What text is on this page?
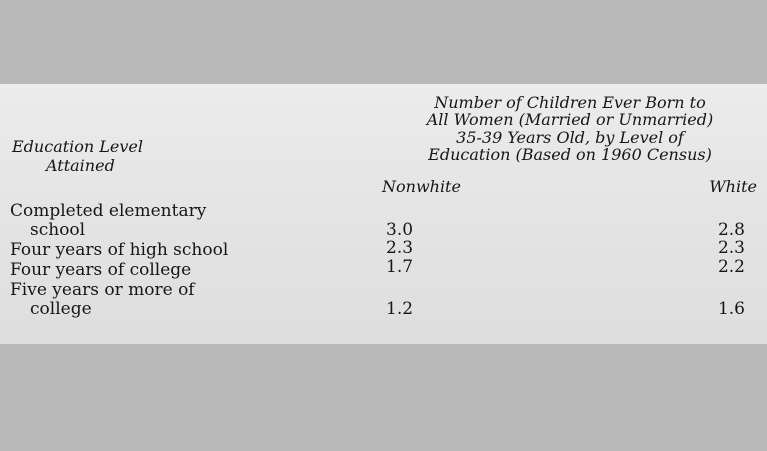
Education Level
Attained
Number of Children Ever Born to
All Women (Married or Unmarried)
35-39 Years Old, by Level of
Education (Based on 1960 Census)
Nonwhite	White
Completed elementary
school	3.0	2.8
Four years of high school	2.3	2.3
Four years of college	1.7	2.2
Five years or more of
college	1.2	1.6
